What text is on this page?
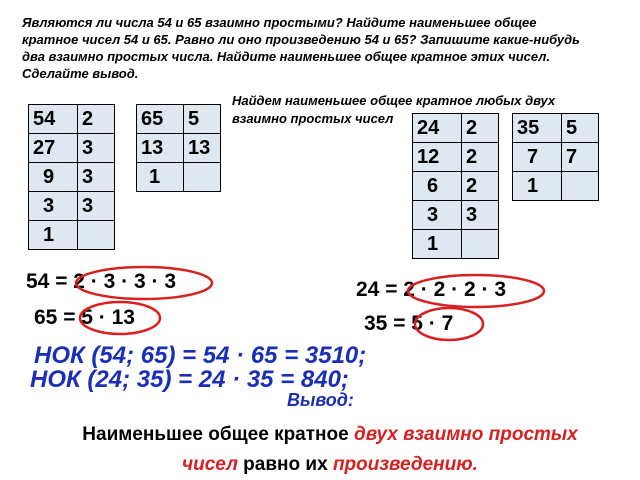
Являются ли числа 54 и 65 взаимно простыми? Найдите наименьшее общее
кратное чисел 54 и 65. Равно ли оно произведению 54 и 65? Запишите какие-нибудь
два взаимно простых числа. Найдите наименьшее общее кратное этих чисел.
Сделайте вывод.
Найдем наименьшее общее кратное любых двух
взаимно простых чисел
54	2
27	3
9	3
3	3
1	
65	5
13	13
1	
24	2
12	2
6	2
3	3
1	
35	5
7	7
1	
54 = 2 · 3 · 3 · 3
65 = 5 · 13
24 = 2 · 2 · 2 · 3
35 = 5 · 7
НОК (54; 65) = 54 · 65 = 3510;
НОК (24; 35) = 24 · 35 = 840;
Вывод:
Наименьшее общее кратное двух взаимно простых
чисел равно их произведению.
